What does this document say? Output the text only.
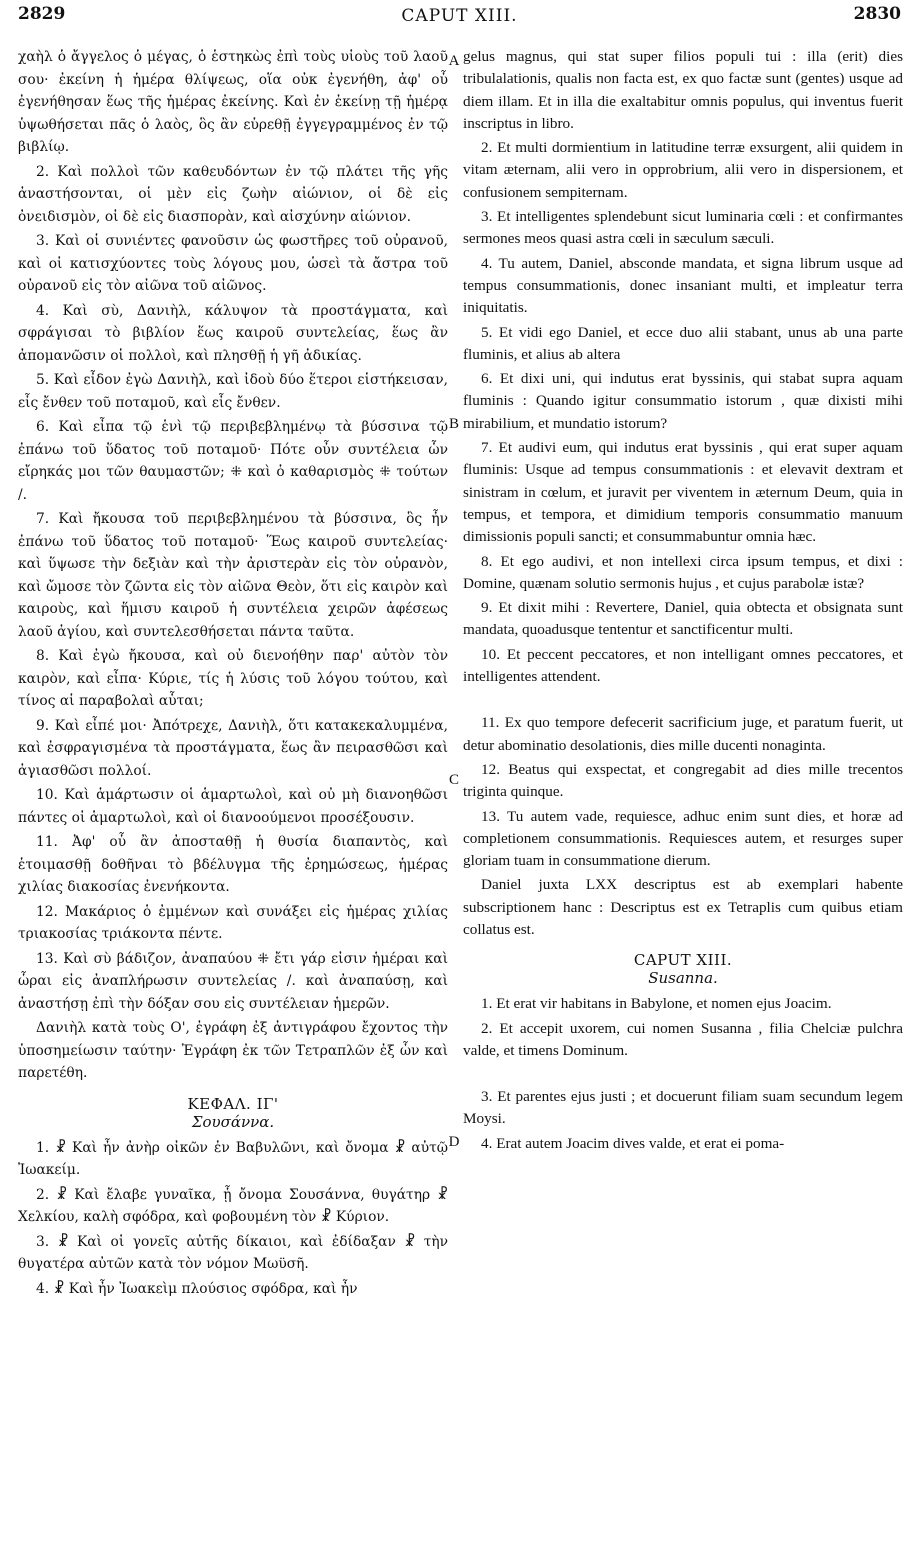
2829	CAPUT XIII.	2830
A
B
C
D

χαὴλ ὁ ἄγγελος ὁ μέγας, ὁ ἑστηκὼς ἐπὶ τοὺς υἱοὺς τοῦ λαοῦ σου· ἐκείνη ἡ ἡμέρα θλίψεως, οἵα οὐκ ἐγενήθη, ἀφ' οὗ ἐγενήθησαν ἕως τῆς ἡμέρας ἐκείνης. Καὶ ἐν ἐκείνῃ τῇ ἡμέρᾳ ὑψωθήσεται πᾶς ὁ λαὸς, ὃς ἂν εὑρεθῇ ἐγγεγραμμένος ἐν τῷ βιβλίῳ.

2. Καὶ πολλοὶ τῶν καθευδόντων ἐν τῷ πλάτει τῆς γῆς ἀναστήσονται, οἱ μὲν εἰς ζωὴν αἰώνιον, οἱ δὲ εἰς ὀνειδισμὸν, οἱ δὲ εἰς διασπορὰν, καὶ αἰσχύνην αἰώνιον.

3. Καὶ οἱ συνιέντες φανοῦσιν ὡς φωστῆρες τοῦ οὐρανοῦ, καὶ οἱ κατισχύοντες τοὺς λόγους μου, ὡσεὶ τὰ ἄστρα τοῦ οὐρανοῦ εἰς τὸν αἰῶνα τοῦ αἰῶνος.

4. Καὶ σὺ, Δανιὴλ, κάλυψον τὰ προστάγματα, καὶ σφράγισαι τὸ βιβλίον ἕως καιροῦ συντελείας, ἕως ἂν ἀπομανῶσιν οἱ πολλοὶ, καὶ πλησθῇ ἡ γῆ ἀδικίας.

5. Καὶ εἶδον ἐγὼ Δανιὴλ, καὶ ἰδοὺ δύο ἕτεροι εἱστήκεισαν, εἷς ἔνθεν τοῦ ποταμοῦ, καὶ εἷς ἔνθεν.

6. Καὶ εἶπα τῷ ἑνὶ τῷ περιβεβλημένῳ τὰ βύσσινα τῷ ἐπάνω τοῦ ὕδατος τοῦ ποταμοῦ· Πότε οὖν συντέλεια ὧν εἴρηκάς μοι τῶν θαυμαστῶν; ⁜ καὶ ὁ καθαρισμὸς ⁜ τούτων /.

7. Καὶ ἤκουσα τοῦ περιβεβλημένου τὰ βύσσινα, ὃς ἦν ἐπάνω τοῦ ὕδατος τοῦ ποταμοῦ· Ἕως καιροῦ συντελείας· καὶ ὕψωσε τὴν δεξιὰν καὶ τὴν ἀριστερὰν εἰς τὸν οὐρανὸν, καὶ ὤμοσε τὸν ζῶντα εἰς τὸν αἰῶνα Θεὸν, ὅτι εἰς καιρὸν καὶ καιροὺς, καὶ ἥμισυ καιροῦ ἡ συντέλεια χειρῶν ἀφέσεως λαοῦ ἁγίου, καὶ συντελεσθήσεται πάντα ταῦτα.

8. Καὶ ἐγὼ ἤκουσα, καὶ οὐ διενοήθην παρ' αὐτὸν τὸν καιρὸν, καὶ εἶπα· Κύριε, τίς ἡ λύσις τοῦ λόγου τούτου, καὶ τίνος αἱ παραβολαὶ αὗται;

9. Καὶ εἶπέ μοι· Ἀπότρεχε, Δανιὴλ, ὅτι κατακεκαλυμμένα, καὶ ἐσφραγισμένα τὰ προστάγματα, ἕως ἂν πειρασθῶσι καὶ ἁγιασθῶσι πολλοί.

10. Καὶ ἁμάρτωσιν οἱ ἁμαρτωλοὶ, καὶ οὐ μὴ διανοηθῶσι πάντες οἱ ἁμαρτωλοὶ, καὶ οἱ διανοούμενοι προσέξουσιν.

11. Ἀφ' οὗ ἂν ἀποσταθῇ ἡ θυσία διαπαντὸς, καὶ ἑτοιμασθῇ δοθῆναι τὸ βδέλυγμα τῆς ἐρημώσεως, ἡμέρας χιλίας διακοσίας ἐνενήκοντα.

12. Μακάριος ὁ ἐμμένων καὶ συνάξει εἰς ἡμέρας χιλίας τριακοσίας τριάκοντα πέντε.

13. Καὶ σὺ βάδιζον, ἀναπαύου ⁜ ἔτι γάρ εἰσιν ἡμέραι καὶ ὧραι εἰς ἀναπλήρωσιν συντελείας /. καὶ ἀναπαύσῃ, καὶ ἀναστήσῃ ἐπὶ τὴν δόξαν σου εἰς συντέλειαν ἡμερῶν.

Δανιὴλ κατὰ τοὺς Ο', ἐγράφη ἐξ ἀντιγράφου ἔχοντος τὴν ὑποσημείωσιν ταύτην· Ἐγράφη ἐκ τῶν Τετραπλῶν ἐξ ὧν καὶ παρετέθη.

ΚΕΦΑΛ. ΙΓ'
Σουσάννα.

1. ☧ Καὶ ἦν ἀνὴρ οἰκῶν ἐν Βαβυλῶνι, καὶ ὄνομα ☧ αὐτῷ Ἰωακείμ.

2. ☧ Καὶ ἔλαβε γυναῖκα, ᾗ ὄνομα Σουσάννα, θυγάτηρ ☧ Χελκίου, καλὴ σφόδρα, καὶ φοβουμένη τὸν ☧ Κύριον.

3. ☧ Καὶ οἱ γονεῖς αὐτῆς δίκαιοι, καὶ ἐδίδαξαν ☧ τὴν θυγατέρα αὐτῶν κατὰ τὸν νόμον Μωϋσῆ.

4. ☧ Καὶ ἦν Ἰωακεὶμ πλούσιος σφόδρα, καὶ ἦν

gelus magnus, qui stat super filios populi tui : illa (erit) dies tribulalationis, qualis non facta est, ex quo factæ sunt (gentes) usque ad diem illam. Et in illa die exaltabitur omnis populus, qui inventus fuerit inscriptus in libro.

2. Et multi dormientium in latitudine terræ exsurgent, alii quidem in vitam æternam, alii vero in opprobrium, alii vero in dispersionem, et confusionem sempiternam.

3. Et intelligentes splendebunt sicut luminaria cœli : et confirmantes sermones meos quasi astra cœli in sæculum sæculi.

4. Tu autem, Daniel, absconde mandata, et signa librum usque ad tempus consummationis, donec insaniant multi, et impleatur terra iniquitatis.

5. Et vidi ego Daniel, et ecce duo alii stabant, unus ab una parte fluminis, et alius ab altera

6. Et dixi uni, qui indutus erat byssinis, qui stabat supra aquam fluminis : Quando igitur consummatio istorum , quæ dixisti mihi mirabilium, et mundatio istorum?

7. Et audivi eum, qui indutus erat byssinis , qui erat super aquam fluminis: Usque ad tempus consummationis : et elevavit dextram et sinistram in cœlum, et juravit per viventem in æternum Deum, quia in tempus, et tempora, et dimidium temporis consummatio manuum dimissionis populi sancti; et consummabuntur omnia hæc.

8. Et ego audivi, et non intellexi circa ipsum tempus, et dixi : Domine, quænam solutio sermonis hujus , et cujus parabolæ istæ?

9. Et dixit mihi : Revertere, Daniel, quia obtecta et obsignata sunt mandata, quoadusque tententur et sanctificentur multi.

10. Et peccent peccatores, et non intelligant omnes peccatores, et intelligentes attendent.

11. Ex quo tempore defecerit sacrificium juge, et paratum fuerit, ut detur abominatio desolationis, dies mille ducenti nonaginta.

12. Beatus qui exspectat, et congregabit ad dies mille trecentos triginta quinque.

13. Tu autem vade, requiesce, adhuc enim sunt dies, et horæ ad completionem consummationis. Requiesces autem, et resurges super gloriam tuam in consummatione dierum.

Daniel juxta LXX descriptus est ab exemplari habente subscriptionem hanc : Descriptus est ex Tetraplis cum quibus etiam collatus est.

CAPUT XIII.
Susanna.

1. Et erat vir habitans in Babylone, et nomen ejus Joacim.

2. Et accepit uxorem, cui nomen Susanna , filia Chelciæ pulchra valde, et timens Dominum.

3. Et parentes ejus justi ; et docuerunt filiam suam secundum legem Moysi.

4. Erat autem Joacim dives valde, et erat ei poma-
